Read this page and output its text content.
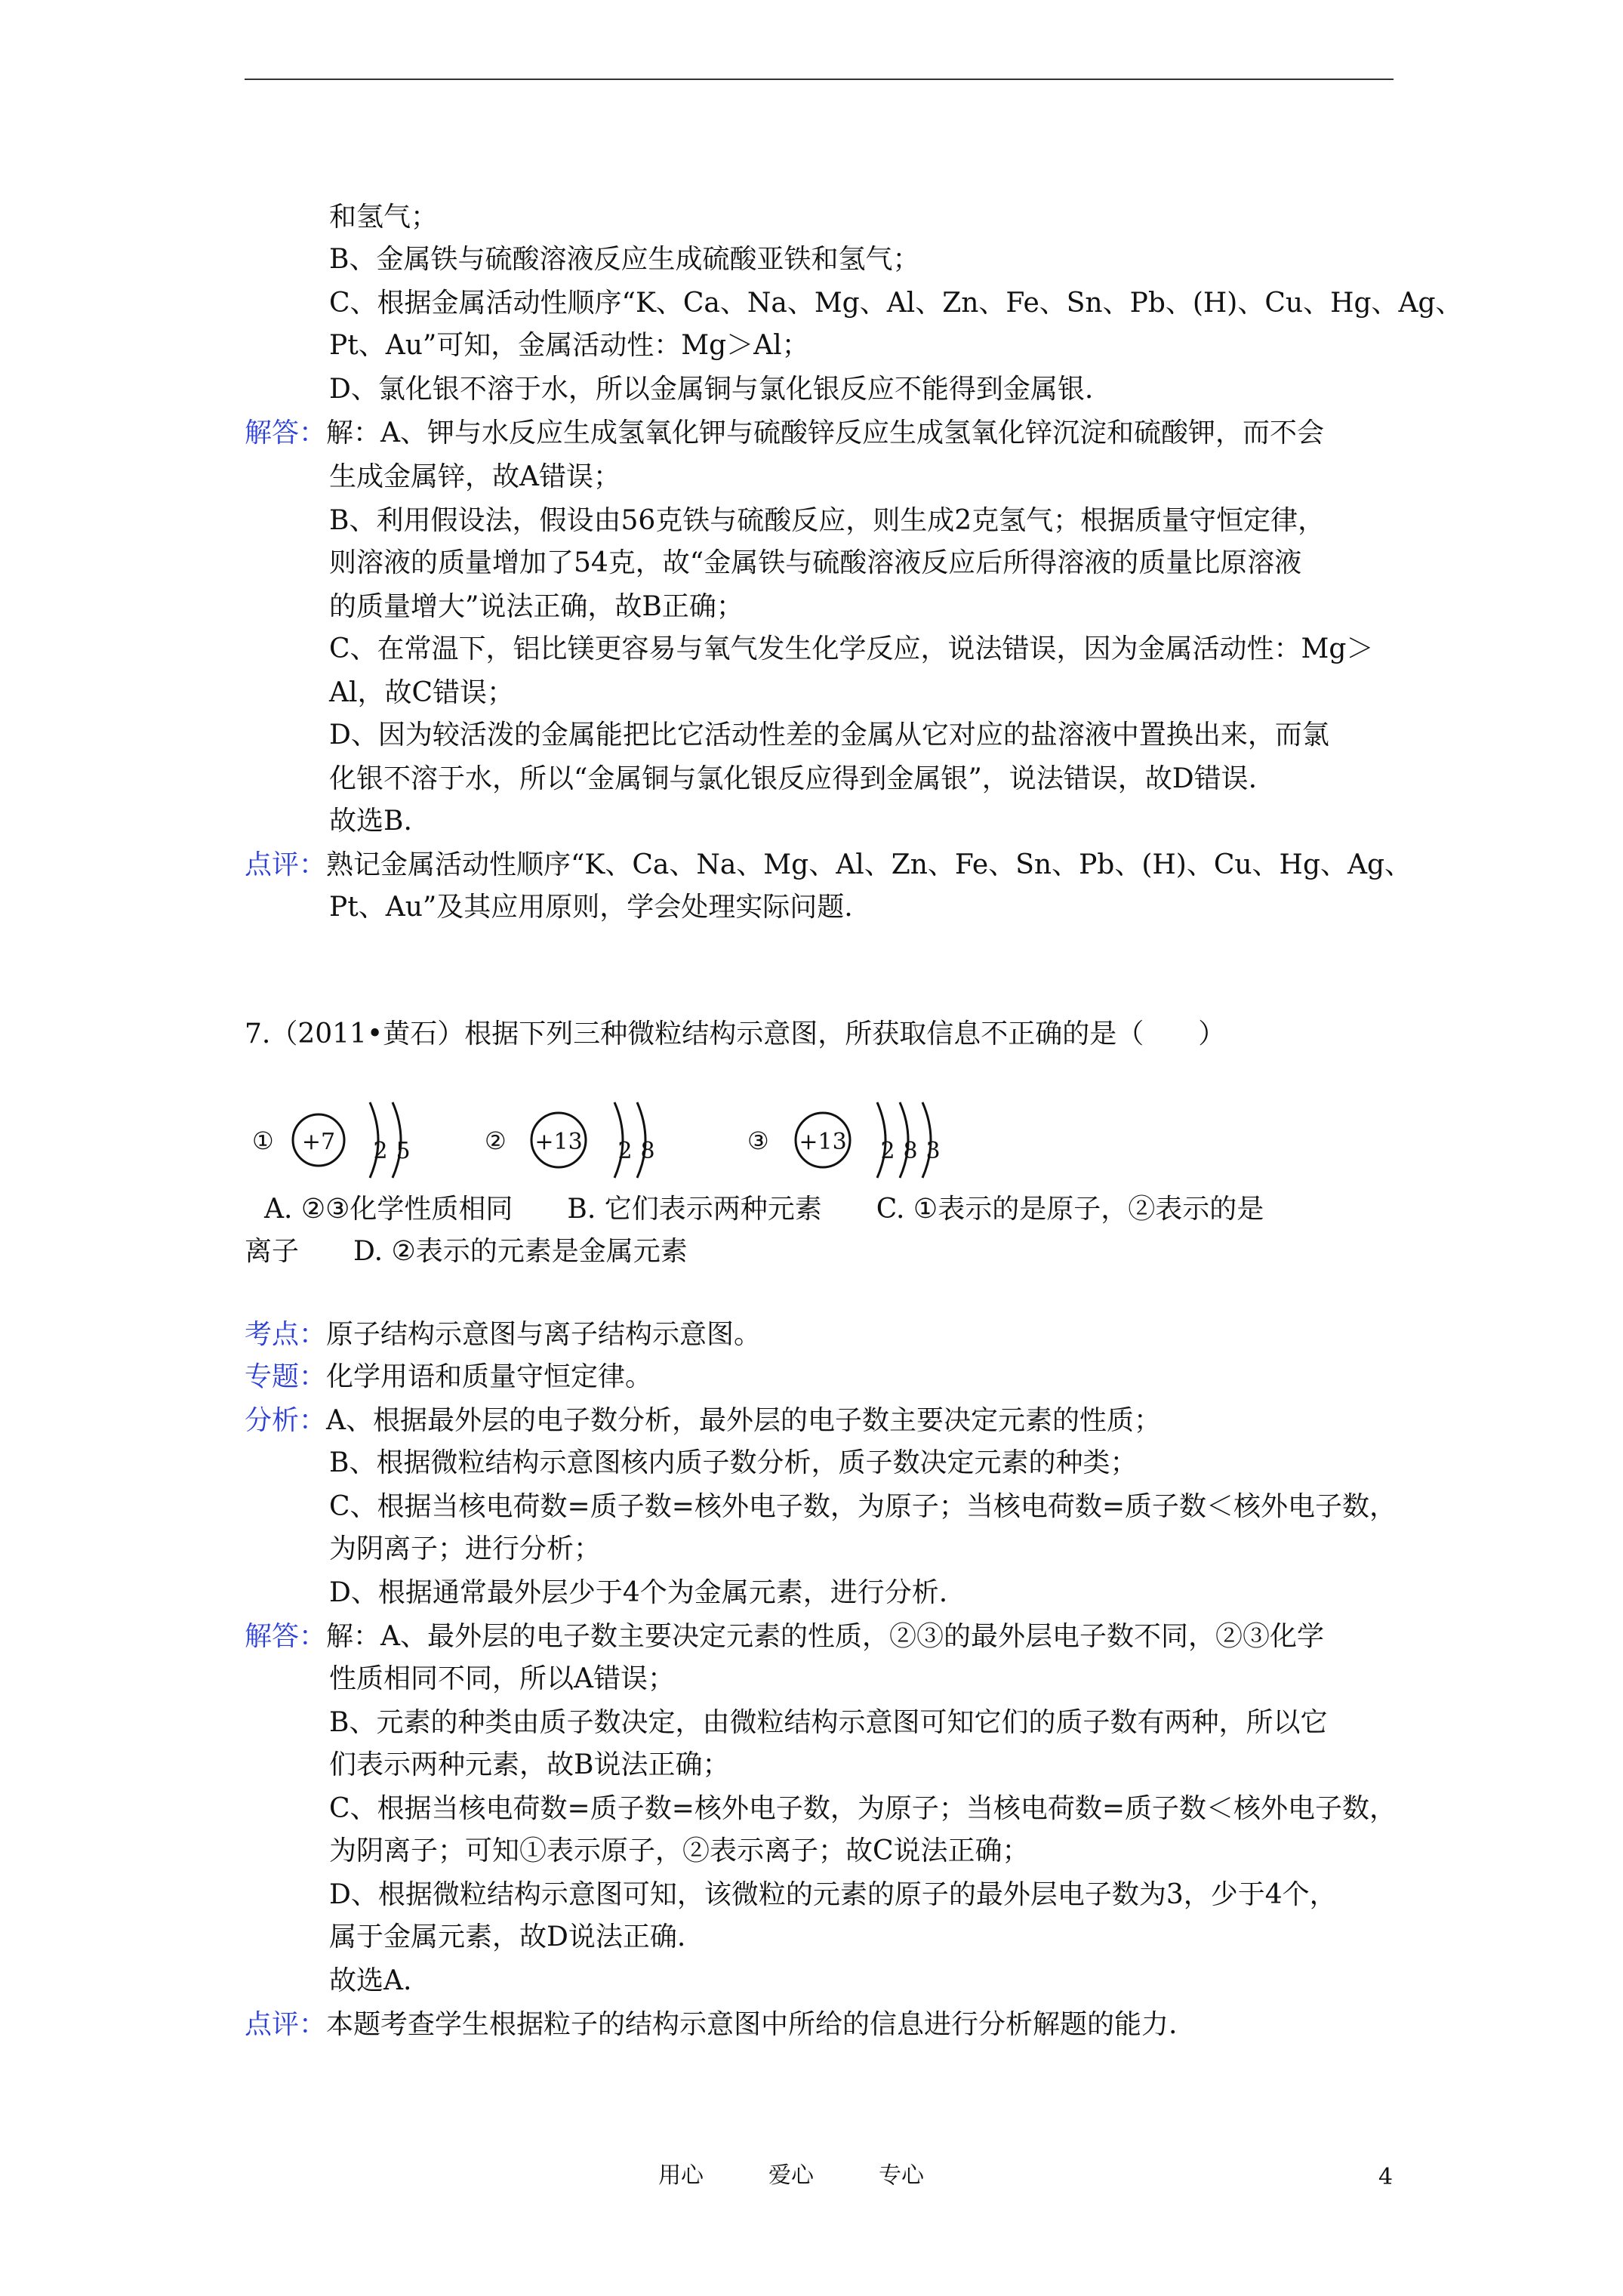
和氢气；
B、金属铁与硫酸溶液反应生成硫酸亚铁和氢气；
C、根据金属活动性顺序“K、Ca、Na、Mg、Al、Zn、Fe、Sn、Pb、(H)、Cu、Hg、Ag、
Pt、Au”可知，金属活动性：Mg＞Al；
D、氯化银不溶于水，所以金属铜与氯化银反应不能得到金属银.
解答：解：A、钾与水反应生成氢氧化钾与硫酸锌反应生成氢氧化锌沉淀和硫酸钾，而不会
生成金属锌，故A错误；
B、利用假设法，假设由56克铁与硫酸反应，则生成2克氢气；根据质量守恒定律，
则溶液的质量增加了54克，故“金属铁与硫酸溶液反应后所得溶液的质量比原溶液
的质量增大”说法正确，故B正确；
C、在常温下，铝比镁更容易与氧气发生化学反应，说法错误，因为金属活动性：Mg＞
Al，故C错误；
D、因为较活泼的金属能把比它活动性差的金属从它对应的盐溶液中置换出来，而氯
化银不溶于水，所以“金属铜与氯化银反应得到金属银”，说法错误，故D错误.
故选B.
点评：熟记金属活动性顺序“K、Ca、Na、Mg、Al、Zn、Fe、Sn、Pb、(H)、Cu、Hg、Ag、
Pt、Au”及其应用原则，学会处理实际问题.
7.（2011•黄石）根据下列三种微粒结构示意图，所获取信息不正确的是（　　）
① +7 2 5	② +13 2 8	③ +13 2 8 3
A. ②③化学性质相同　　B. 它们表示两种元素　　C. ①表示的是原子，②表示的是
离子　　D. ②表示的元素是金属元素
考点：原子结构示意图与离子结构示意图。
专题：化学用语和质量守恒定律。
分析：A、根据最外层的电子数分析，最外层的电子数主要决定元素的性质；
B、根据微粒结构示意图核内质子数分析，质子数决定元素的种类；
C、根据当核电荷数=质子数=核外电子数，为原子；当核电荷数=质子数＜核外电子数，
为阴离子；进行分析；
D、根据通常最外层少于4个为金属元素，进行分析.
解答：解：A、最外层的电子数主要决定元素的性质，②③的最外层电子数不同，②③化学
性质相同不同，所以A错误；
B、元素的种类由质子数决定，由微粒结构示意图可知它们的质子数有两种，所以它
们表示两种元素，故B说法正确；
C、根据当核电荷数=质子数=核外电子数，为原子；当核电荷数=质子数＜核外电子数，
为阴离子；可知①表示原子，②表示离子；故C说法正确；
D、根据微粒结构示意图可知，该微粒的元素的原子的最外层电子数为3，少于4个，
属于金属元素，故D说法正确.
故选A.
点评：本题考查学生根据粒子的结构示意图中所给的信息进行分析解题的能力.
用心	爱心	专心	4
